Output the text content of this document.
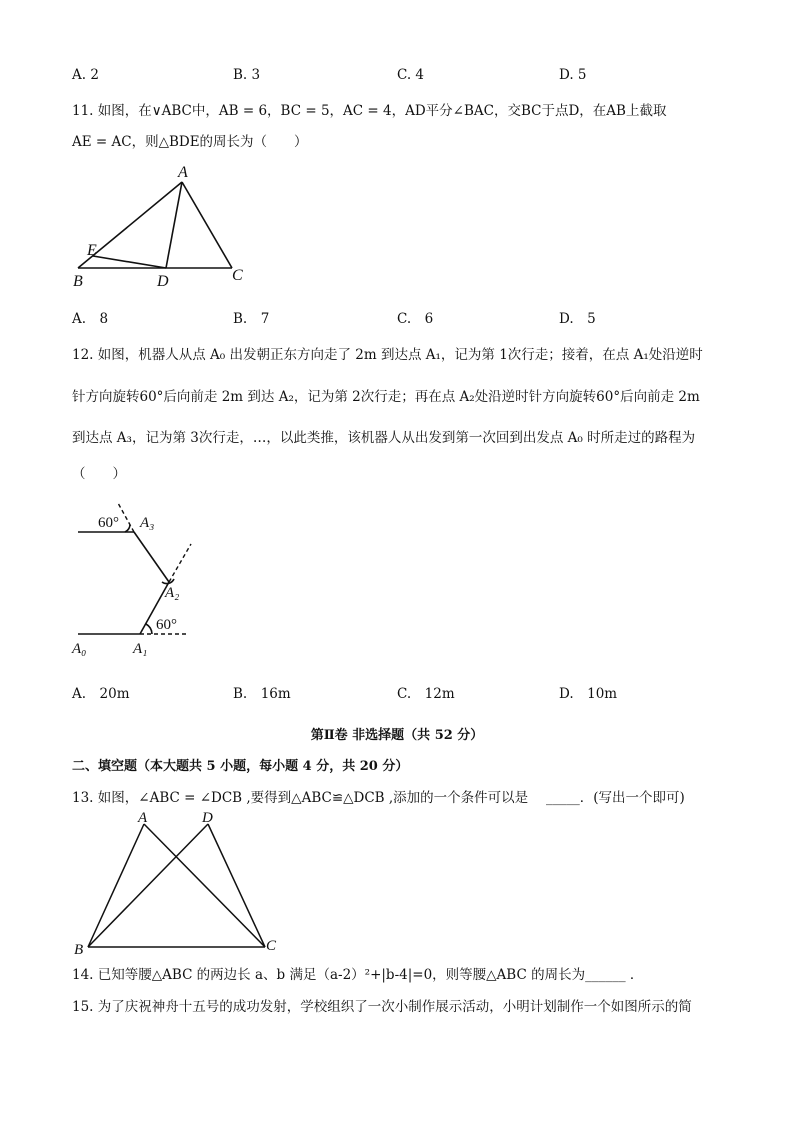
A. 2	B. 3	C. 4	D. 5
11. 如图，在∨ABC中，AB = 6，BC = 5，AC = 4，AD平分∠BAC，交BC于点D，在AB上截取
AE = AC，则△BDE的周长为（　　）
A
E
B	D	C
A.　8	B.　7	C.　6	D.　5
12. 如图，机器人从点 A₀ 出发朝正东方向走了 2m 到达点 A₁，记为第 1次行走；接着，在点 A₁处沿逆时
针方向旋转60°后向前走 2m 到达 A₂，记为第 2次行走；再在点 A₂处沿逆时针方向旋转60°后向前走 2m
到达点 A₃，记为第 3次行走，…，以此类推，该机器人从出发到第一次回到出发点 A₀ 时所走过的路程为
（　　）
60° A₃
A₂
60°
A₀	A₁
A.　20m	B.　16m	C.　12m	D.　10m
第Ⅱ卷 非选择题（共 52 分）
二、填空题（本大题共 5 小题，每小题 4 分，共 20 分）
13. 如图，∠ABC = ∠DCB ,要得到△ABC≌△DCB ,添加的一个条件可以是　 _____．(写出一个即可)
A	D
B	C
14. 已知等腰△ABC 的两边长 a、b 满足（a-2）²+|b-4|=0，则等腰△ABC 的周长为______ ．
15. 为了庆祝神舟十五号的成功发射，学校组织了一次小制作展示活动，小明计划制作一个如图所示的简
